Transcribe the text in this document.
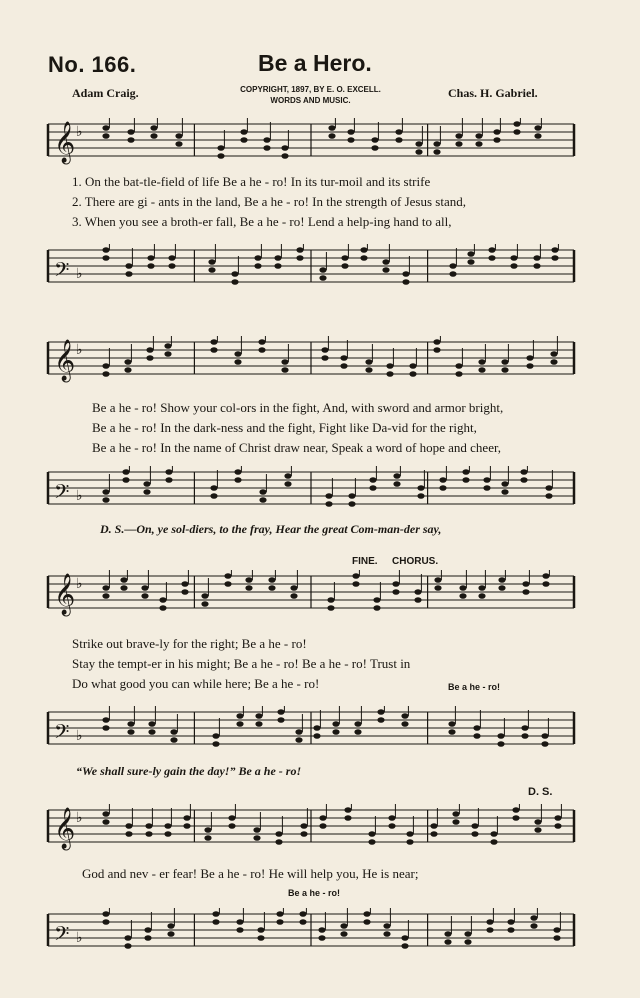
No. 166.	Be a Hero.
Adam Craig.	COPYRIGHT, 1897, BY E. O. EXCELL.
WORDS AND MUSIC.
Chas. H. Gabriel.
𝄞 ♭
1. On the bat-tle-field of life Be a he - ro! In its tur-moil and its strife
2. There are gi - ants in the land, Be a he - ro! In the strength of Jesus stand,
3. When you see a broth-er fall, Be a he - ro! Lend a help-ing hand to all,
𝄢 ♭
𝄞 ♭
Be a he - ro! Show your col-ors in the fight, And, with sword and armor bright,
Be a he - ro! In the dark-ness and the fight, Fight like Da-vid for the right,
Be a he - ro! In the name of Christ draw near, Speak a word of hope and cheer,
𝄢 ♭
D. S.—On, ye sol-diers, to the fray, Hear the great Com-man-der say,
FINE. CHORUS.
𝄞 ♭
Strike out brave-ly for the right; Be a he - ro!
Stay the tempt-er in his might; Be a he - ro! Be a he - ro! Trust in
Do what good you can while here; Be a he - ro!	Be a he - ro!
𝄢 ♭
“We shall sure-ly gain the day!” Be a he - ro!
D. S.
𝄞 ♭
God and nev - er fear! Be a he - ro! He will help you, He is near;
Be a he - ro!
𝄢 ♭
